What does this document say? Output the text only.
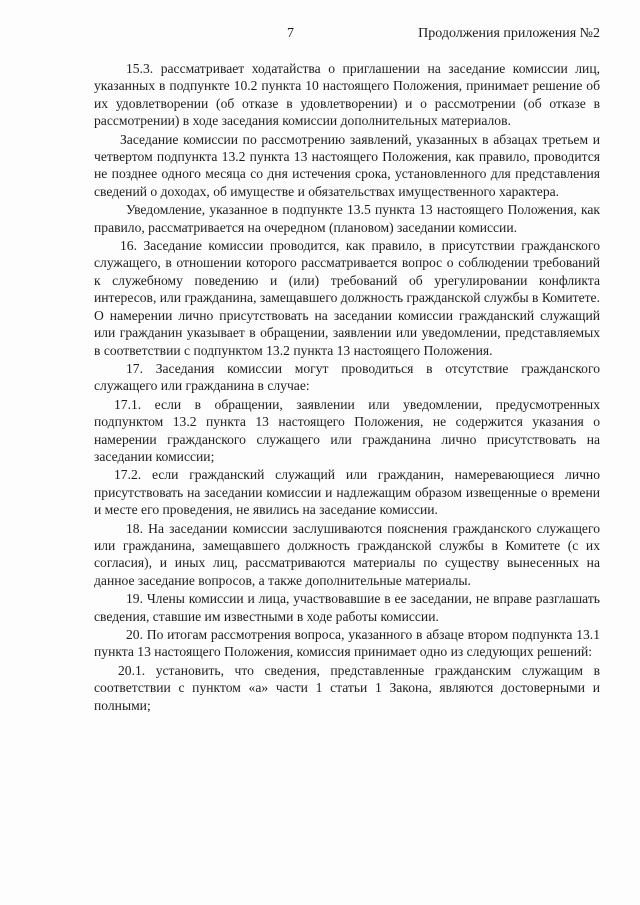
7	Продолжения приложения №2

15.3. рассматривает ходатайства о приглашении на заседание комиссии лиц, указанных в подпункте 10.2 пункта 10 настоящего Положения, принимает решение об их удовлетворении (об отказе в удовлетворении) и о рассмотрении (об отказе в рассмотрении) в ходе заседания комиссии дополнительных материалов.

Заседание комиссии по рассмотрению заявлений, указанных в абзацах третьем и четвертом подпункта 13.2 пункта 13 настоящего Положения, как правило, проводится не позднее одного месяца со дня истечения срока, установленного для представления сведений о доходах, об имуществе и обязательствах имущественного характера.

Уведомление, указанное в подпункте 13.5 пункта 13 настоящего Положения, как правило, рассматривается на очередном (плановом) заседании комиссии.

16. Заседание комиссии проводится, как правило, в присутствии гражданского служащего, в отношении которого рассматривается вопрос о соблюдении требований к служебному поведению и (или) требований об урегулировании конфликта интересов, или гражданина, замещавшего должность гражданской службы в Комитете. О намерении лично присутствовать на заседании комиссии гражданский служащий или гражданин указывает в обращении, заявлении или уведомлении, представляемых в соответствии с подпунктом 13.2 пункта 13 настоящего Положения.

17. Заседания комиссии могут проводиться в отсутствие гражданского служащего или гражданина в случае:

17.1. если в обращении, заявлении или уведомлении, предусмотренных подпунктом 13.2 пункта 13 настоящего Положения, не содержится указания о намерении гражданского служащего или гражданина лично присутствовать на заседании комиссии;

17.2. если гражданский служащий или гражданин, намеревающиеся лично присутствовать на заседании комиссии и надлежащим образом извещенные о времени и месте его проведения, не явились на заседание комиссии.

18. На заседании комиссии заслушиваются пояснения гражданского служащего или гражданина, замещавшего должность гражданской службы в Комитете (с их согласия), и иных лиц, рассматриваются материалы по существу вынесенных на данное заседание вопросов, а также дополнительные материалы.

19. Члены комиссии и лица, участвовавшие в ее заседании, не вправе разглашать сведения, ставшие им известными в ходе работы комиссии.

20. По итогам рассмотрения вопроса, указанного в абзаце втором подпункта 13.1 пункта 13 настоящего Положения, комиссия принимает одно из следующих решений:

20.1. установить, что сведения, представленные гражданским служащим в соответствии с пунктом «а» части 1 статьи 1 Закона, являются достоверными и полными;
